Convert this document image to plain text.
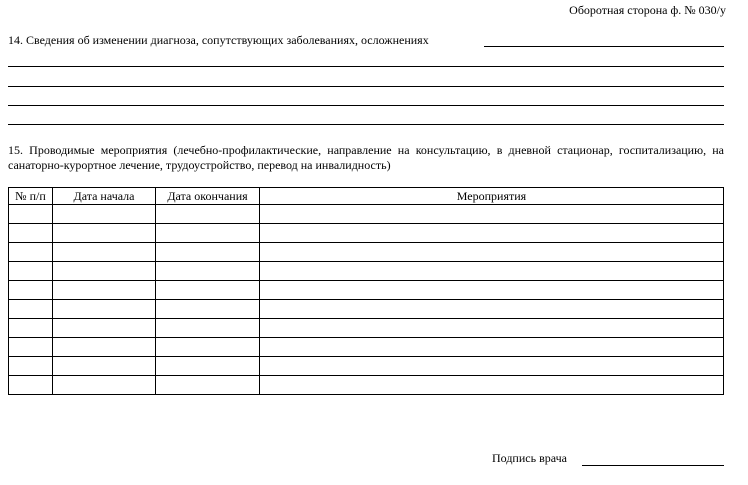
Оборотная сторона ф. № 030/у
14. Сведения об изменении диагноза, сопутствующих заболеваниях, осложнениях
15. Проводимые мероприятия (лечебно-профилактические, направление на консультацию, в дневной стационар, госпитализацию, на санаторно-курортное лечение, трудоустройство, перевод на инвалидность)
№ п/п	Дата начала	Дата окончания	Мероприятия

Подпись врача
